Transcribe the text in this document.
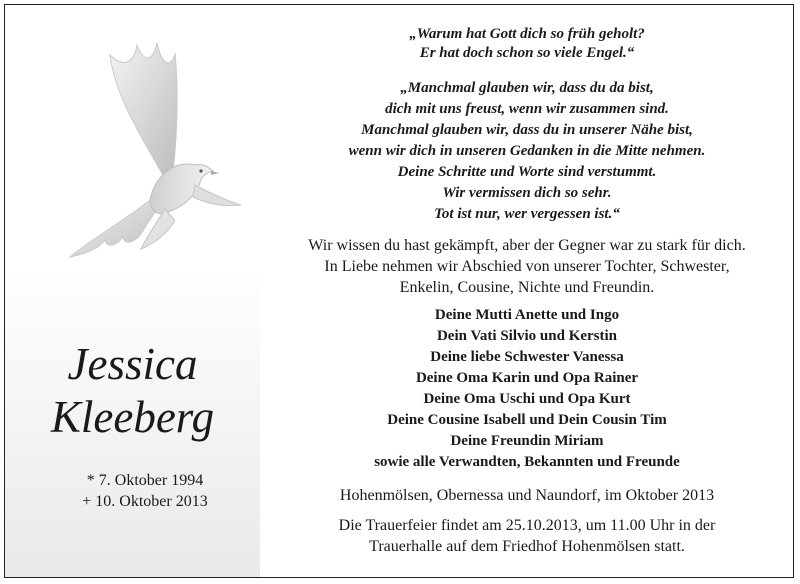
Jessica
Kleeberg
* 7. Oktober 1994
+ 10. Oktober 2013
„Warum hat Gott dich so früh geholt?
Er hat doch schon so viele Engel.“
„Manchmal glauben wir, dass du da bist,
dich mit uns freust, wenn wir zusammen sind.
Manchmal glauben wir, dass du in unserer Nähe bist,
wenn wir dich in unseren Gedanken in die Mitte nehmen.
Deine Schritte und Worte sind verstummt.
Wir vermissen dich so sehr.
Tot ist nur, wer vergessen ist.“
Wir wissen du hast gekämpft, aber der Gegner war zu stark für dich.
In Liebe nehmen wir Abschied von unserer Tochter, Schwester,
Enkelin, Cousine, Nichte und Freundin.
Deine Mutti Anette und Ingo
Dein Vati Silvio und Kerstin
Deine liebe Schwester Vanessa
Deine Oma Karin und Opa Rainer
Deine Oma Uschi und Opa Kurt
Deine Cousine Isabell und Dein Cousin Tim
Deine Freundin Miriam
sowie alle Verwandten, Bekannten und Freunde
Hohenmölsen, Obernessa und Naundorf, im Oktober 2013
Die Trauerfeier findet am 25.10.2013, um 11.00 Uhr in der
Trauerhalle auf dem Friedhof Hohenmölsen statt.
